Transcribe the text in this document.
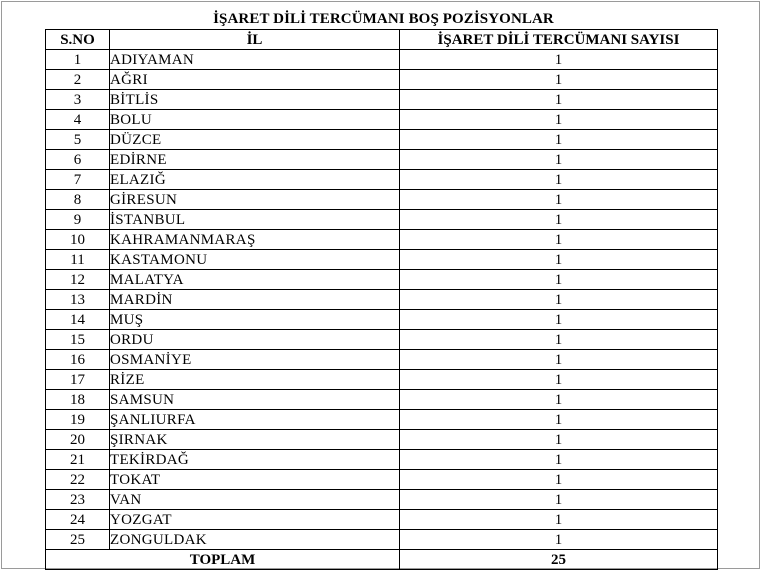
İŞARET DİLİ TERCÜMANI BOŞ POZİSYONLAR
S.NO	İL	İŞARET DİLİ TERCÜMANI SAYISI
1	ADIYAMAN	1
2	AĞRI	1
3	BİTLİS	1
4	BOLU	1
5	DÜZCE	1
6	EDİRNE	1
7	ELAZIĞ	1
8	GİRESUN	1
9	İSTANBUL	1
10	KAHRAMANMARAŞ	1
11	KASTAMONU	1
12	MALATYA	1
13	MARDİN	1
14	MUŞ	1
15	ORDU	1
16	OSMANİYE	1
17	RİZE	1
18	SAMSUN	1
19	ŞANLIURFA	1
20	ŞIRNAK	1
21	TEKİRDAĞ	1
22	TOKAT	1
23	VAN	1
24	YOZGAT	1
25	ZONGULDAK	1
TOPLAM		25
